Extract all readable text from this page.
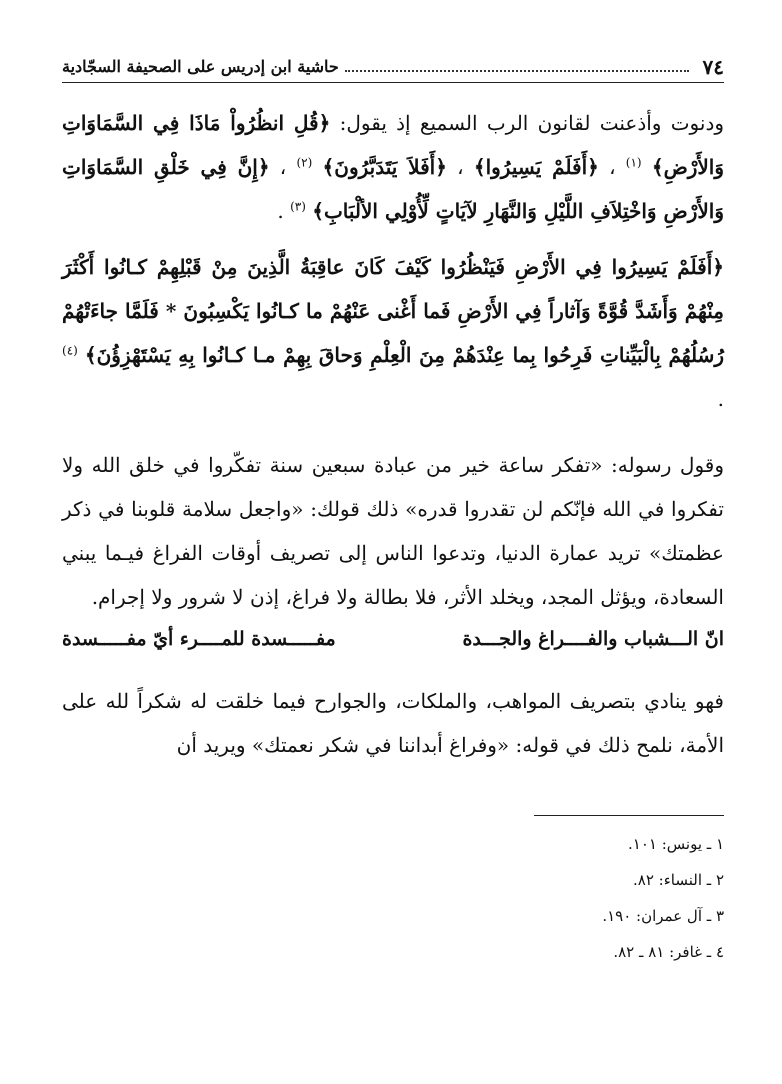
٧٤
حاشية ابن إدريس على الصحيفة السجّادية

ودنوت وأذعنت لقانون الرب السميع إذ يقول: ﴿قُلِ انظُرُواْ مَاذَا فِي السَّمَاوَاتِ وَالأَرْضِ﴾ $^{(١)}$ ، ﴿أَفَلَمْ يَسِيرُوا﴾ ، ﴿أَفَلاَ يَتَدَبَّرُونَ﴾ $^{(٢)}$ ، ﴿إِنَّ فِي خَلْقِ السَّمَاوَاتِ وَالأَرْضِ وَاخْتِلاَفِ اللَّيْلِ وَالنَّهَارِ لآيَاتٍ لِّأُوْلِي الألْبَابِ﴾ $^{(٣)}$ .

﴿أَفَلَمْ يَسِيرُوا فِي الأَرْضِ فَيَنْظُرُوا كَيْفَ كَانَ عاقِبَةُ الَّذِينَ مِنْ قَبْلِهِمْ كـانُوا أَكْثَرَ مِنْهُمْ وَأَشَدَّ قُوَّةً وَآثاراً فِي الأَرْضِ فَما أَغْنى عَنْهُمْ ما كـانُوا يَكْسِبُونَ * فَلَمَّا جاءَتْهُمْ رُسُلُهُمْ بِالْبَيِّناتِ فَرِحُوا بِما عِنْدَهُمْ مِنَ الْعِلْمِ وَحاقَ بِهِمْ مـا كـانُوا بِهِ يَسْتَهْزِؤُنَ﴾ $^{(٤)}$ .

وقول رسوله: «تفكر ساعة خير من عبادة سبعين سنة تفكّروا في خلق الله ولا تفكروا في الله فإنّكم لن تقدروا قدره» ذلك قولك: «واجعل سلامة قلوبنا في ذكر عظمتك» تريد عمارة الدنيا، وتدعوا الناس إلى تصريف أوقات الفراغ فيـما يبني السعادة، ويؤثل المجد، ويخلد الأثر، فلا بطالة ولا فراغ، إذن لا شرور ولا إجرام.

انّ الـــشباب والفــــراغ والجـــدة
مفـــــسدة للمــــرء أيّ مفـــــسدة

فهو ينادي بتصريف المواهب، والملكات، والجوارح فيما خلقت له شكراً لله على الأمة، نلمح ذلك في قوله: «وفراغ أبداننا في شكر نعمتك» ويريد أن

١ ـ يونس: ١٠١.
٢ ـ النساء: ٨٢.
٣ ـ آل عمران: ١٩٠.
٤ ـ غافر: ٨١ ـ ٨٢.
